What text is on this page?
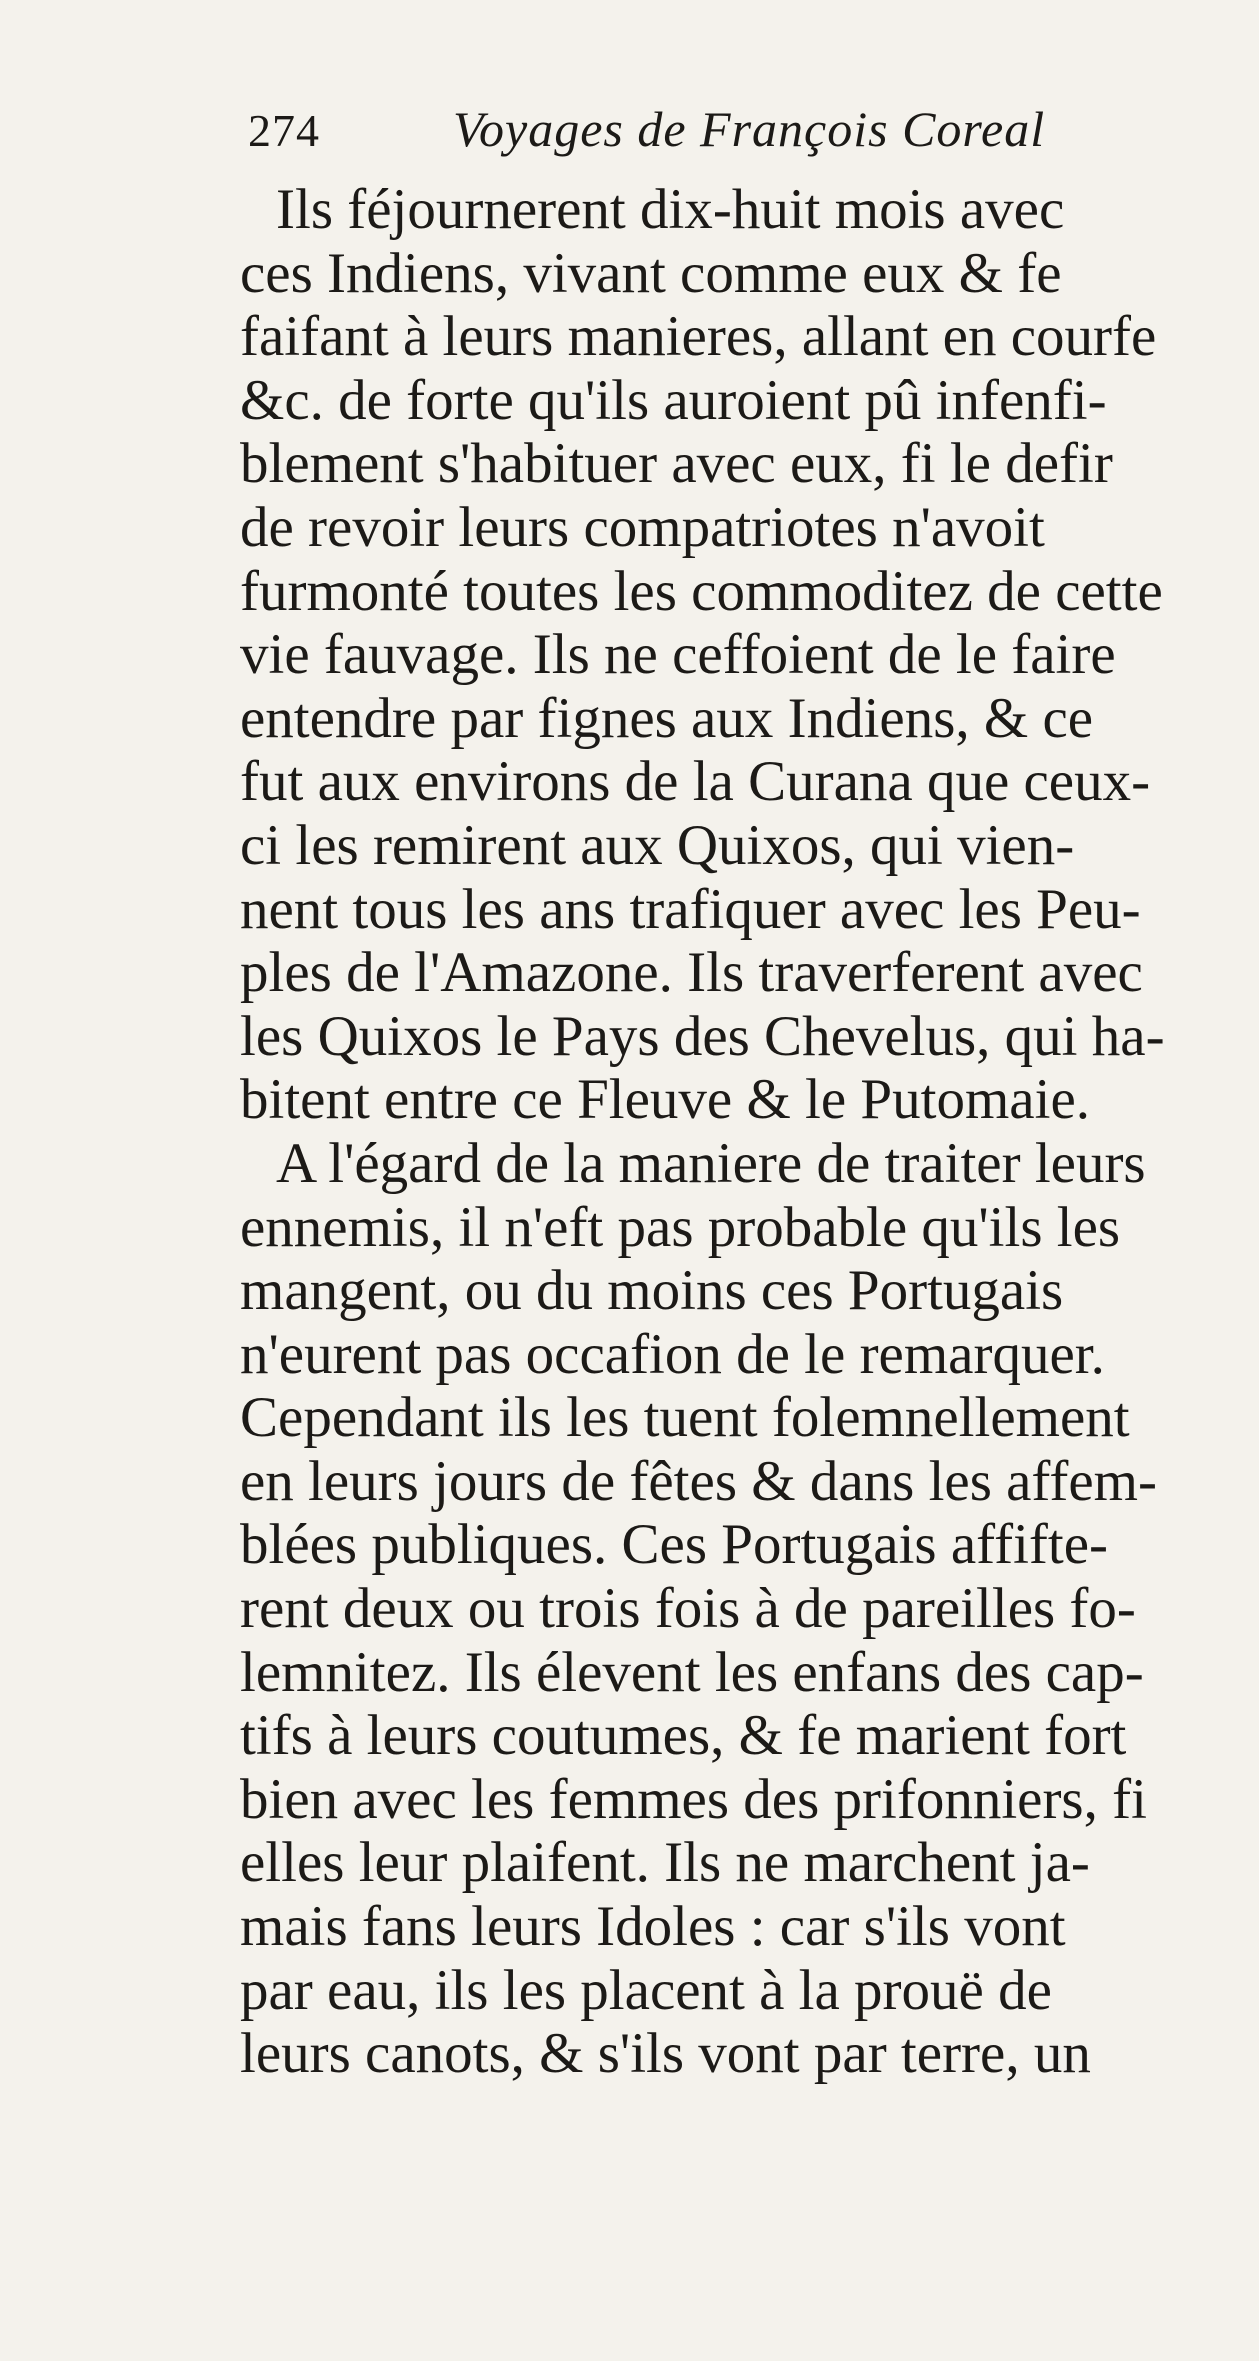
274	Voyages de François Coreal
Ils féjournerent dix-huit mois avec
ces Indiens, vivant comme eux & fe
faifant à leurs manieres, allant en courfe
&c. de forte qu'ils auroient pû infenfi-
blement s'habituer avec eux, fi le defir
de revoir leurs compatriotes n'avoit
furmonté toutes les commoditez de cette
vie fauvage. Ils ne ceffoient de le faire
entendre par fignes aux Indiens, & ce
fut aux environs de la Curana que ceux-
ci les remirent aux Quixos, qui vien-
nent tous les ans trafiquer avec les Peu-
ples de l'Amazone. Ils traverferent avec
les Quixos le Pays des Chevelus, qui ha-
bitent entre ce Fleuve & le Putomaie.
A l'égard de la maniere de traiter leurs
ennemis, il n'eft pas probable qu'ils les
mangent, ou du moins ces Portugais
n'eurent pas occafion de le remarquer.
Cependant ils les tuent folemnellement
en leurs jours de fêtes & dans les affem-
blées publiques. Ces Portugais affifte-
rent deux ou trois fois à de pareilles fo-
lemnitez. Ils élevent les enfans des cap-
tifs à leurs coutumes, & fe marient fort
bien avec les femmes des prifonniers, fi
elles leur plaifent. Ils ne marchent ja-
mais fans leurs Idoles : car s'ils vont
par eau, ils les placent à la prouë de
leurs canots, & s'ils vont par terre, un
